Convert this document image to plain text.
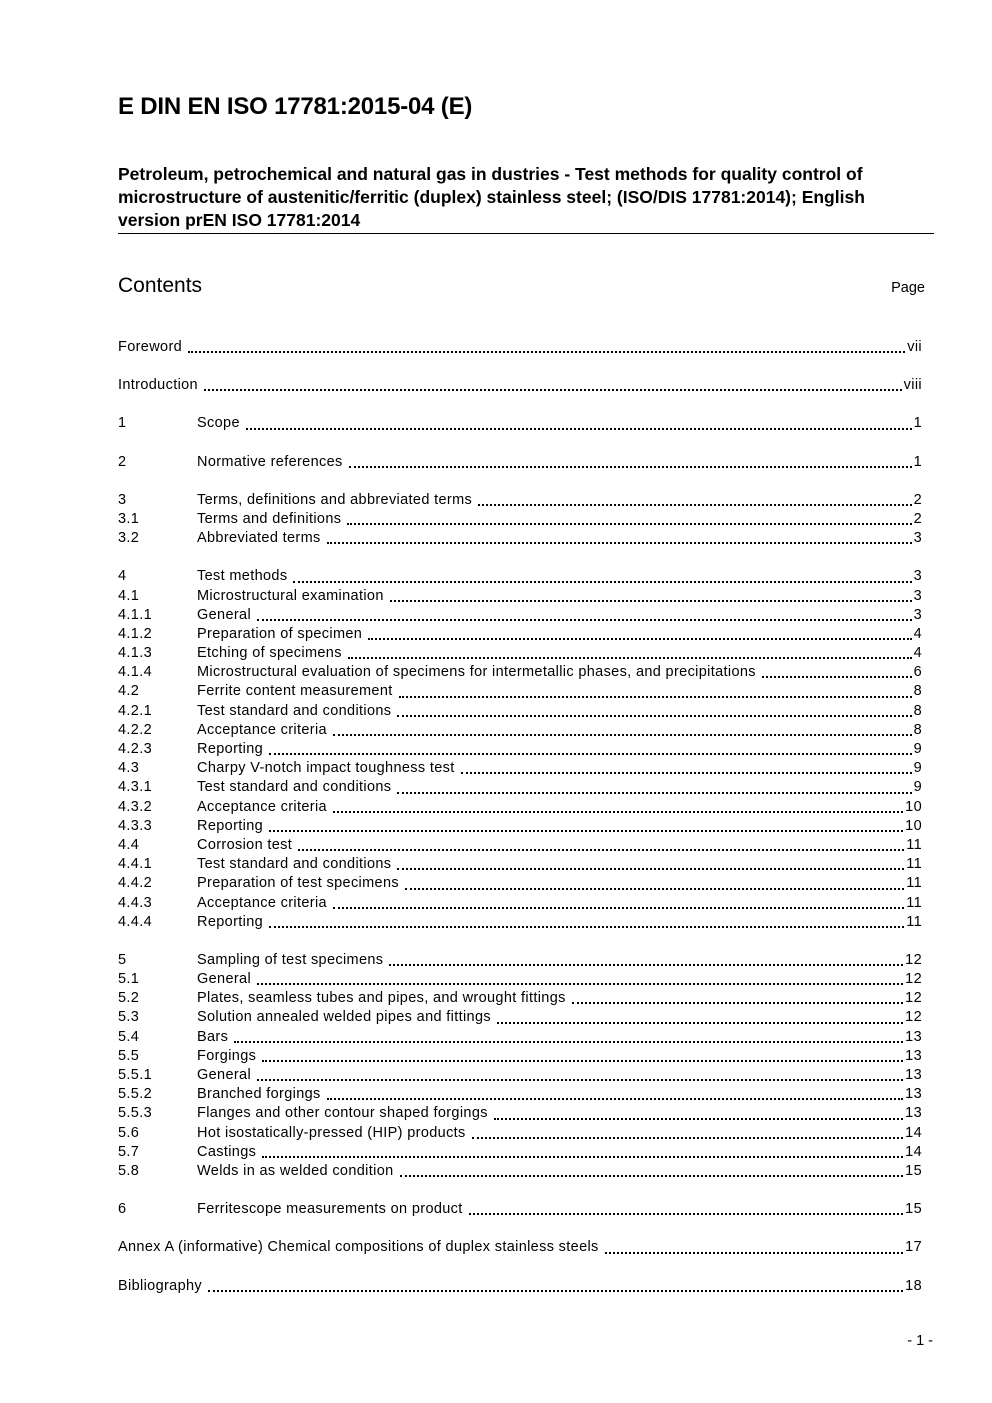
E DIN EN ISO 17781:2015-04 (E)
Petroleum, petrochemical and natural gas in dustries - Test methods for quality control of microstructure of austenitic/ferritic (duplex) stainless steel; (ISO/DIS 17781:2014); English version prEN ISO 17781:2014
Contents	Page
Foreword	vii
Introduction	viii
1	Scope	1
2	Normative references	1
3	Terms, definitions and abbreviated terms	2
3.1	Terms and definitions	2
3.2	Abbreviated terms	3
4	Test methods	3
4.1	Microstructural examination	3
4.1.1	General	3
4.1.2	Preparation of specimen	4
4.1.3	Etching of specimens	4
4.1.4	Microstructural evaluation of specimens for intermetallic phases, and precipitations	6
4.2	Ferrite content measurement	8
4.2.1	Test standard and conditions	8
4.2.2	Acceptance criteria	8
4.2.3	Reporting	9
4.3	Charpy V-notch impact toughness test	9
4.3.1	Test standard and conditions	9
4.3.2	Acceptance criteria	10
4.3.3	Reporting	10
4.4	Corrosion test	11
4.4.1	Test standard and conditions	11
4.4.2	Preparation of test specimens	11
4.4.3	Acceptance criteria	11
4.4.4	Reporting	11
5	Sampling of test specimens	12
5.1	General	12
5.2	Plates, seamless tubes and pipes, and wrought fittings	12
5.3	Solution annealed welded pipes and fittings	12
5.4	Bars	13
5.5	Forgings	13
5.5.1	General	13
5.5.2	Branched forgings	13
5.5.3	Flanges and other contour shaped forgings	13
5.6	Hot isostatically-pressed (HIP) products	14
5.7	Castings	14
5.8	Welds in as welded condition	15
6	Ferritescope measurements on product	15
Annex A (informative) Chemical compositions of duplex stainless steels	17
Bibliography	18
- 1 -
